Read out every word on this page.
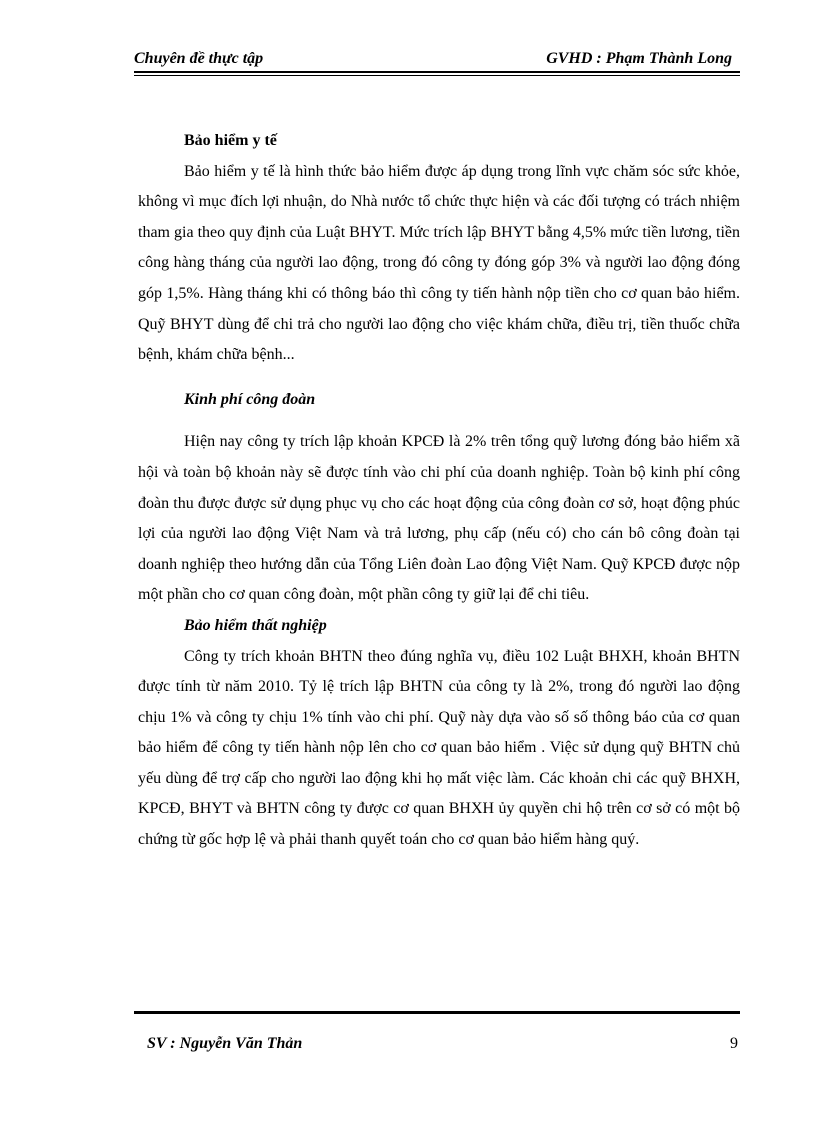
Chuyên đề thực tập	GVHD : Phạm Thành Long
Bảo hiểm y tế

Bảo hiểm y tế là hình thức bảo hiểm được áp dụng trong lĩnh vực chăm sóc sức khỏe, không vì mục đích lợi nhuận, do Nhà nước tổ chức thực hiện và các đối tượng có trách nhiệm tham gia theo quy định của Luật BHYT. Mức trích lập BHYT bằng 4,5% mức tiền lương, tiền công hàng tháng của người lao động, trong đó công ty đóng góp 3% và người lao động đóng góp 1,5%. Hàng tháng khi có thông báo thì công ty tiến hành nộp tiền cho cơ quan bảo hiểm. Quỹ BHYT dùng để chi trả cho người lao động cho việc khám chữa, điều trị, tiền thuốc chữa bệnh, khám chữa bệnh...

Kinh phí công đoàn

Hiện nay công ty trích lập khoản KPCĐ là 2% trên tổng quỹ lương đóng bảo hiểm xã hội và toàn bộ khoản này sẽ được tính vào chi phí của doanh nghiệp. Toàn bộ kinh phí công đoàn thu được được sử dụng phục vụ cho các hoạt động của công đoàn cơ sở, hoạt động phúc lợi của người lao động Việt Nam và trả lương, phụ cấp (nếu có) cho cán bô công đoàn tại doanh nghiệp theo hướng dẫn của Tổng Liên đoàn Lao động Việt Nam. Quỹ KPCĐ được nộp một phần cho cơ quan công đoàn, một phần công ty giữ lại để chi tiêu.

Bảo hiểm thất nghiệp

Công ty trích khoản BHTN theo đúng nghĩa vụ, điều 102 Luật BHXH, khoản BHTN được tính từ năm 2010. Tỷ lệ trích lập BHTN của công ty là 2%, trong đó người lao động chịu 1% và công ty chịu 1% tính vào chi phí. Quỹ này dựa vào số số thông báo của cơ quan bảo hiểm để công ty tiến hành nộp lên cho cơ quan bảo hiểm . Việc sử dụng quỹ BHTN chủ yếu dùng để trợ cấp cho người lao động khi họ mất việc làm. Các khoản chi các quỹ BHXH, KPCĐ, BHYT và BHTN công ty được cơ quan BHXH ủy quyền chi hộ trên cơ sở có một bộ chứng từ gốc hợp lệ và phải thanh quyết toán cho cơ quan bảo hiểm hàng quý.

SV : Nguyễn Văn Thản	9
